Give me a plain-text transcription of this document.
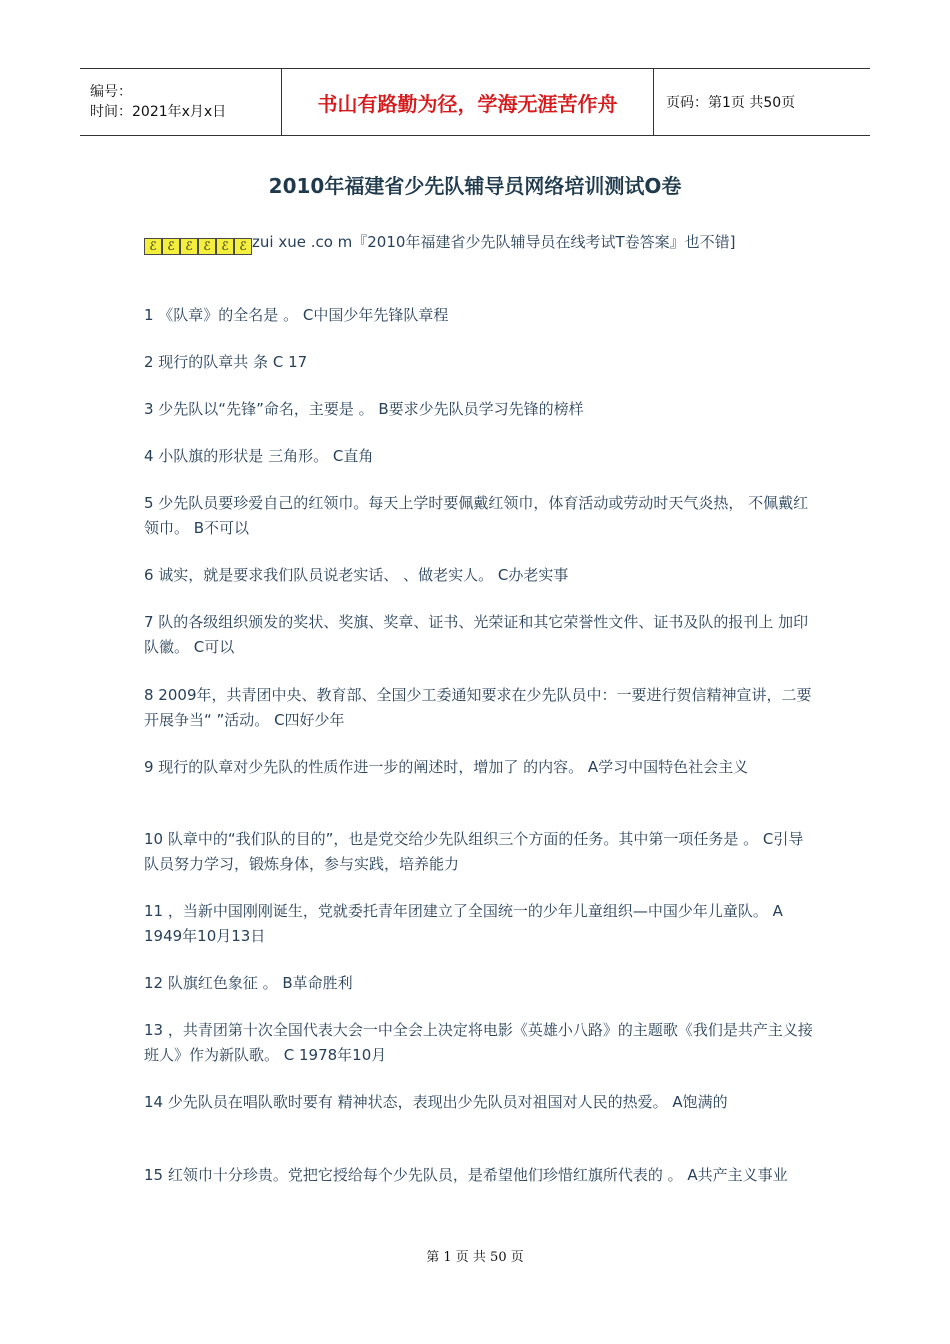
编号：
时间：2021年x月x日	书山有路勤为径，学海无涯苦作舟	页码：第1页 共50页
2010年福建省少先队辅导员网络培训测试O卷
ℰ ℰ ℰ ℰ ℰ ℰ zui xue .co m『2010年福建省少先队辅导员在线考试T卷答案』也不错]
1 《队章》的全名是 。 C中国少年先锋队章程
2 现行的队章共 条 C 17
3 少先队以“先锋”命名，主要是 。 B要求少先队员学习先锋的榜样
4 小队旗的形状是 三角形。 C直角
5 少先队员要珍爱自己的红领巾。每天上学时要佩戴红领巾，体育活动或劳动时天气炎热， 不佩戴红领巾。 B不可以
6 诚实，就是要求我们队员说老实话、 、做老实人。 C办老实事
7 队的各级组织颁发的奖状、奖旗、奖章、证书、光荣证和其它荣誉性文件、证书及队的报刊上 加印队徽。 C可以
8 2009年，共青团中央、教育部、全国少工委通知要求在少先队员中：一要进行贺信精神宣讲，二要开展争当“ ”活动。 C四好少年
9 现行的队章对少先队的性质作进一步的阐述时，增加了 的内容。 A学习中国特色社会主义
10 队章中的“我们队的目的”，也是党交给少先队组织三个方面的任务。其中第一项任务是 。 C引导队员努力学习，锻炼身体，参与实践，培养能力
11 ，当新中国刚刚诞生，党就委托青年团建立了全国统一的少年儿童组织—中国少年儿童队。 A 1949年10月13日
12 队旗红色象征 。 B革命胜利
13 ，共青团第十次全国代表大会一中全会上决定将电影《英雄小八路》的主题歌《我们是共产主义接班人》作为新队歌。 C 1978年10月
14 少先队员在唱队歌时要有 精神状态，表现出少先队员对祖国对人民的热爱。 A饱满的
15 红领巾十分珍贵。党把它授给每个少先队员，是希望他们珍惜红旗所代表的 。 A共产主义事业
第 1 页 共 50 页
